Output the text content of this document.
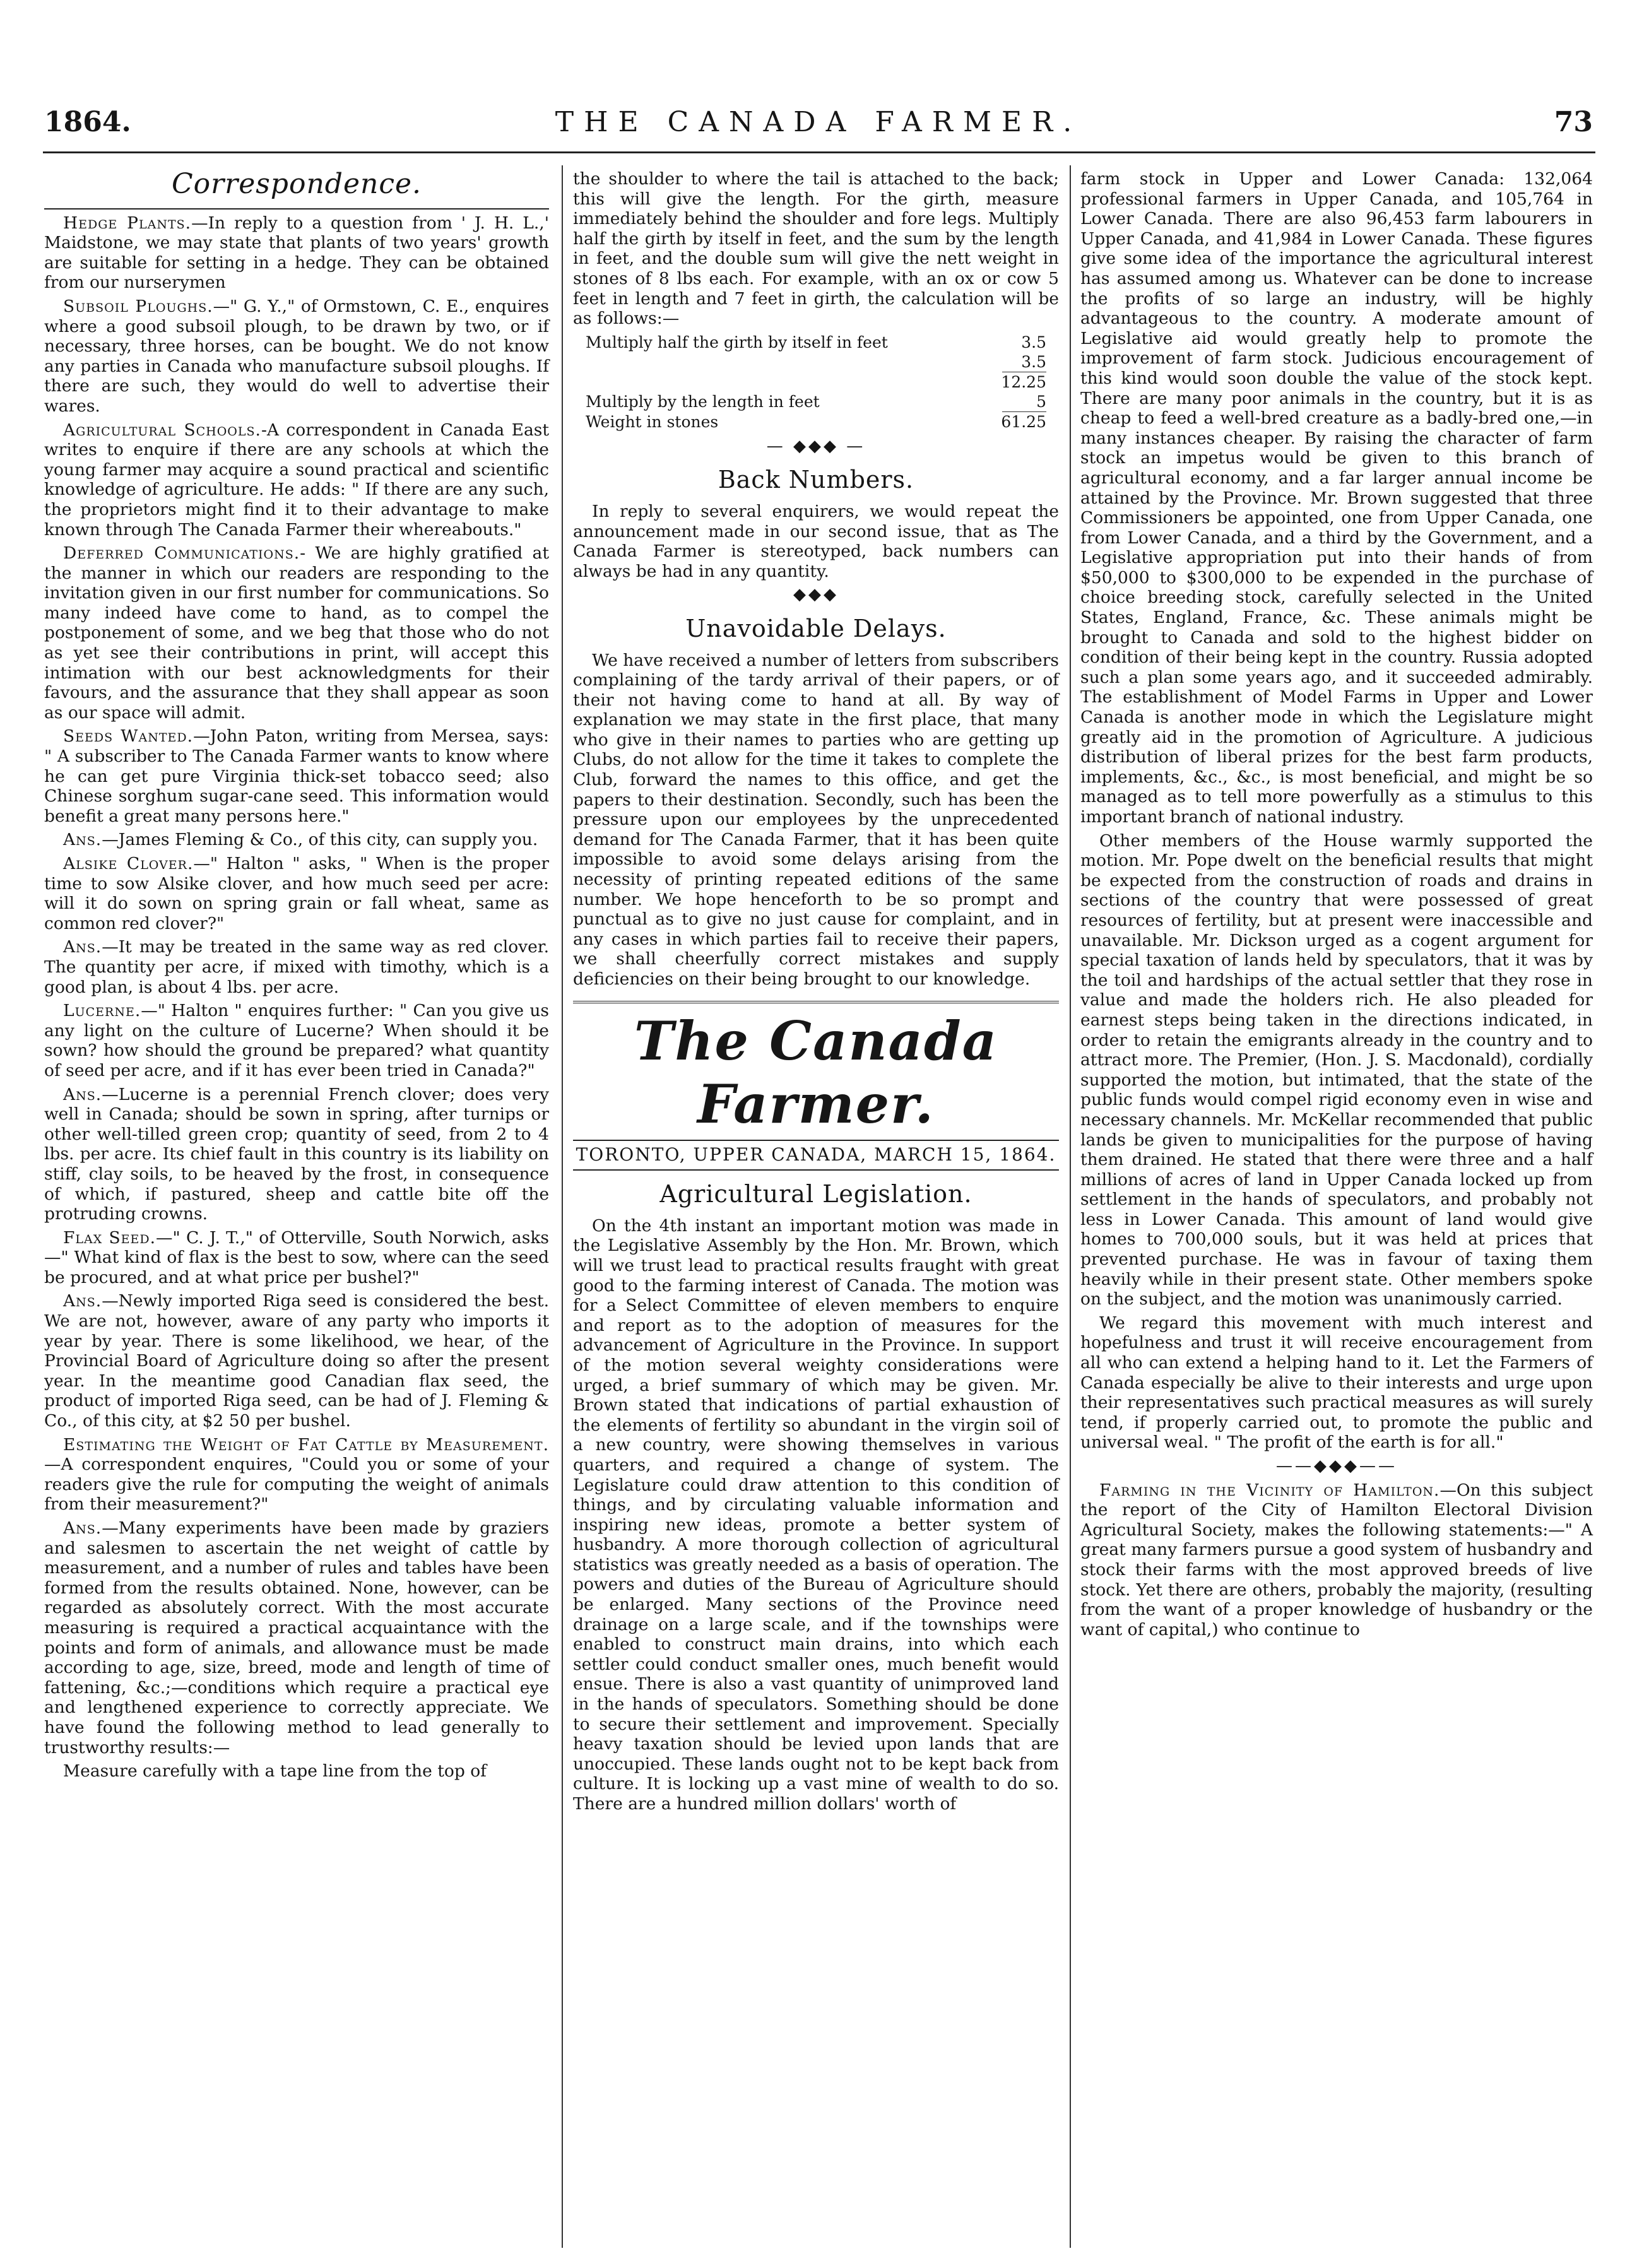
1864.	THE CANADA FARMER.	73
Correspondence.

Hedge Plants.—In reply to a question from ' J. H. L.,' Maidstone, we may state that plants of two years' growth are suitable for setting in a hedge. They can be obtained from our nurserymen

Subsoil Ploughs.—" G. Y.," of Ormstown, C. E., enquires where a good subsoil plough, to be drawn by two, or if necessary, three horses, can be bought. We do not know any parties in Canada who manufacture subsoil ploughs. If there are such, they would do well to advertise their wares.

Agricultural Schools.-A correspondent in Canada East writes to enquire if there are any schools at which the young farmer may acquire a sound practical and scientific knowledge of agriculture. He adds: " If there are any such, the proprietors might find it to their advantage to make known through The Canada Farmer their whereabouts."

Deferred Communications.- We are highly gratified at the manner in which our readers are responding to the invitation given in our first number for communications. So many indeed have come to hand, as to compel the postponement of some, and we beg that those who do not as yet see their contributions in print, will accept this intimation with our best acknowledgments for their favours, and the assurance that they shall appear as soon as our space will admit.

Seeds Wanted.—John Paton, writing from Mersea, says: " A subscriber to The Canada Farmer wants to know where he can get pure Virginia thick-set tobacco seed; also Chinese sorghum sugar-cane seed. This information would benefit a great many persons here."

Ans.—James Fleming & Co., of this city, can supply you.

Alsike Clover.—" Halton " asks, " When is the proper time to sow Alsike clover, and how much seed per acre: will it do sown on spring grain or fall wheat, same as common red clover?"

Ans.—It may be treated in the same way as red clover. The quantity per acre, if mixed with timothy, which is a good plan, is about 4 lbs. per acre.

Lucerne.—" Halton " enquires further: " Can you give us any light on the culture of Lucerne? When should it be sown? how should the ground be prepared? what quantity of seed per acre, and if it has ever been tried in Canada?"

Ans.—Lucerne is a perennial French clover; does very well in Canada; should be sown in spring, after turnips or other well-tilled green crop; quantity of seed, from 2 to 4 lbs. per acre. Its chief fault in this country is its liability on stiff, clay soils, to be heaved by the frost, in consequence of which, if pastured, sheep and cattle bite off the protruding crowns.

Flax Seed.—" C. J. T.," of Otterville, South Norwich, asks—" What kind of flax is the best to sow, where can the seed be procured, and at what price per bushel?"

Ans.—Newly imported Riga seed is considered the best. We are not, however, aware of any party who imports it year by year. There is some likelihood, we hear, of the Provincial Board of Agriculture doing so after the present year. In the meantime good Canadian flax seed, the product of imported Riga seed, can be had of J. Fleming & Co., of this city, at $2 50 per bushel.

Estimating the Weight of Fat Cattle by Measurement.—A correspondent enquires, "Could you or some of your readers give the rule for computing the weight of animals from their measurement?"

Ans.—Many experiments have been made by graziers and salesmen to ascertain the net weight of cattle by measurement, and a number of rules and tables have been formed from the results obtained. None, however, can be regarded as absolutely correct. With the most accurate measuring is required a practical acquaintance with the points and form of animals, and allowance must be made according to age, size, breed, mode and length of time of fattening, &c.;—conditions which require a practical eye and lengthened experience to correctly appreciate. We have found the following method to lead generally to trustworthy results:—

Measure carefully with a tape line from the top of

the shoulder to where the tail is attached to the back; this will give the length. For the girth, measure immediately behind the shoulder and fore legs. Multiply half the girth by itself in feet, and the sum by the length in feet, and the double sum will give the nett weight in stones of 8 lbs each. For example, with an ox or cow 5 feet in length and 7 feet in girth, the calculation will be as follows:—

Multiply half the girth by itself in feet	3.5
3.5
12.25
Multiply by the length in feet	5
Weight in stones	61.25
— ◆◆◆ —
Back Numbers.

In reply to several enquirers, we would repeat the announcement made in our second issue, that as The Canada Farmer is stereotyped, back numbers can always be had in any quantity.

◆◆◆
Unavoidable Delays.

We have received a number of letters from subscribers complaining of the tardy arrival of their papers, or of their not having come to hand at all. By way of explanation we may state in the first place, that many who give in their names to parties who are getting up Clubs, do not allow for the time it takes to complete the Club, forward the names to this office, and get the papers to their destination. Secondly, such has been the pressure upon our employees by the unprecedented demand for The Canada Farmer, that it has been quite impossible to avoid some delays arising from the necessity of printing repeated editions of the same number. We hope henceforth to be so prompt and punctual as to give no just cause for complaint, and in any cases in which parties fail to receive their papers, we shall cheerfully correct mistakes and supply deficiencies on their being brought to our knowledge.

The Canada Farmer.
TORONTO, UPPER CANADA, MARCH 15, 1864.
Agricultural Legislation.

On the 4th instant an important motion was made in the Legislative Assembly by the Hon. Mr. Brown, which will we trust lead to practical results fraught with great good to the farming interest of Canada. The motion was for a Select Committee of eleven members to enquire and report as to the adoption of measures for the advancement of Agriculture in the Province. In support of the motion several weighty considerations were urged, a brief summary of which may be given. Mr. Brown stated that indications of partial exhaustion of the elements of fertility so abundant in the virgin soil of a new country, were showing themselves in various quarters, and required a change of system. The Legislature could draw attention to this condition of things, and by circulating valuable information and inspiring new ideas, promote a better system of husbandry. A more thorough collection of agricultural statistics was greatly needed as a basis of operation. The powers and duties of the Bureau of Agriculture should be enlarged. Many sections of the Province need drainage on a large scale, and if the townships were enabled to construct main drains, into which each settler could conduct smaller ones, much benefit would ensue. There is also a vast quantity of unimproved land in the hands of speculators. Something should be done to secure their settlement and improvement. Specially heavy taxation should be levied upon lands that are unoccupied. These lands ought not to be kept back from culture. It is locking up a vast mine of wealth to do so. There are a hundred million dollars' worth of

farm stock in Upper and Lower Canada: 132,064 professional farmers in Upper Canada, and 105,764 in Lower Canada. There are also 96,453 farm labourers in Upper Canada, and 41,984 in Lower Canada. These figures give some idea of the importance the agricultural interest has assumed among us. Whatever can be done to increase the profits of so large an industry, will be highly advantageous to the country. A moderate amount of Legislative aid would greatly help to promote the improvement of farm stock. Judicious encouragement of this kind would soon double the value of the stock kept. There are many poor animals in the country, but it is as cheap to feed a well-bred creature as a badly-bred one,—in many instances cheaper. By raising the character of farm stock an impetus would be given to this branch of agricultural economy, and a far larger annual income be attained by the Province. Mr. Brown suggested that three Commissioners be appointed, one from Upper Canada, one from Lower Canada, and a third by the Government, and a Legislative appropriation put into their hands of from $50,000 to $300,000 to be expended in the purchase of choice breeding stock, carefully selected in the United States, England, France, &c. These animals might be brought to Canada and sold to the highest bidder on condition of their being kept in the country. Russia adopted such a plan some years ago, and it succeeded admirably. The establishment of Model Farms in Upper and Lower Canada is another mode in which the Legislature might greatly aid in the promotion of Agriculture. A judicious distribution of liberal prizes for the best farm products, implements, &c., &c., is most beneficial, and might be so managed as to tell more powerfully as a stimulus to this important branch of national industry.

Other members of the House warmly supported the motion. Mr. Pope dwelt on the beneficial results that might be expected from the construction of roads and drains in sections of the country that were possessed of great resources of fertility, but at present were inaccessible and unavailable. Mr. Dickson urged as a cogent argument for special taxation of lands held by speculators, that it was by the toil and hardships of the actual settler that they rose in value and made the holders rich. He also pleaded for earnest steps being taken in the directions indicated, in order to retain the emigrants already in the country and to attract more. The Premier, (Hon. J. S. Macdonald), cordially supported the motion, but intimated, that the state of the public funds would compel rigid economy even in wise and necessary channels. Mr. McKellar recommended that public lands be given to municipalities for the purpose of having them drained. He stated that there were three and a half millions of acres of land in Upper Canada locked up from settlement in the hands of speculators, and probably not less in Lower Canada. This amount of land would give homes to 700,000 souls, but it was held at prices that prevented purchase. He was in favour of taxing them heavily while in their present state. Other members spoke on the subject, and the motion was unanimously carried.

We regard this movement with much interest and hopefulness and trust it will receive encouragement from all who can extend a helping hand to it. Let the Farmers of Canada especially be alive to their interests and urge upon their representatives such practical measures as will surely tend, if properly carried out, to promote the public and universal weal. " The profit of the earth is for all."

——◆◆◆——

Farming in the Vicinity of Hamilton.—On this subject the report of the City of Hamilton Electoral Division Agricultural Society, makes the following statements:—" A great many farmers pursue a good system of husbandry and stock their farms with the most approved breeds of live stock. Yet there are others, probably the majority, (resulting from the want of a proper knowledge of husbandry or the want of capital,) who continue to
